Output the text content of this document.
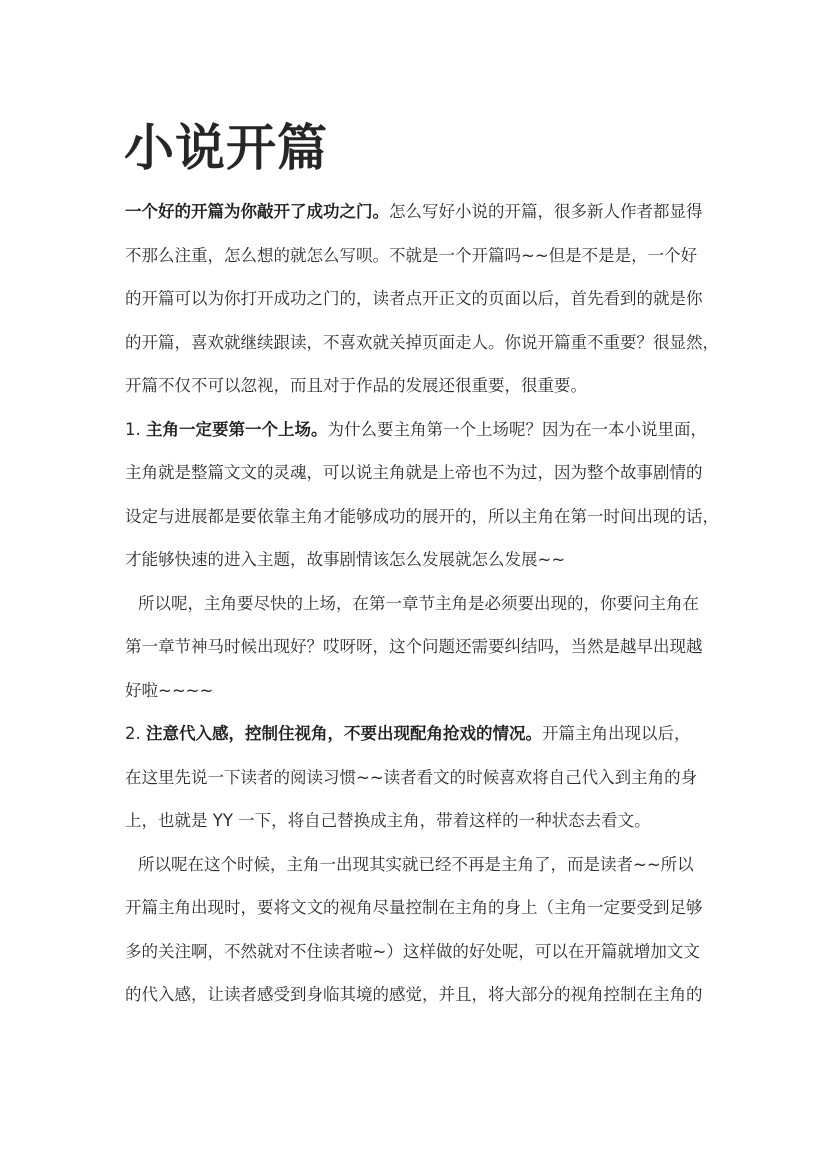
小说开篇
一个好的开篇为你敲开了成功之门。怎么写好小说的开篇，很多新人作者都显得
不那么注重，怎么想的就怎么写呗。不就是一个开篇吗~~但是不是是，一个好
的开篇可以为你打开成功之门的，读者点开正文的页面以后，首先看到的就是你
的开篇，喜欢就继续跟读，不喜欢就关掉页面走人。你说开篇重不重要？很显然，
开篇不仅不可以忽视，而且对于作品的发展还很重要，很重要。
1. 主角一定要第一个上场。为什么要主角第一个上场呢？因为在一本小说里面，
主角就是整篇文文的灵魂，可以说主角就是上帝也不为过，因为整个故事剧情的
设定与进展都是要依靠主角才能够成功的展开的，所以主角在第一时间出现的话，
才能够快速的进入主题，故事剧情该怎么发展就怎么发展~~
所以呢，主角要尽快的上场，在第一章节主角是必须要出现的，你要问主角在
第一章节神马时候出现好？哎呀呀，这个问题还需要纠结吗，当然是越早出现越
好啦~~~~
2. 注意代入感，控制住视角，不要出现配角抢戏的情况。开篇主角出现以后，
在这里先说一下读者的阅读习惯~~读者看文的时候喜欢将自己代入到主角的身
上，也就是 YY 一下，将自己替换成主角，带着这样的一种状态去看文。
所以呢在这个时候，主角一出现其实就已经不再是主角了，而是读者~~所以
开篇主角出现时，要将文文的视角尽量控制在主角的身上（主角一定要受到足够
多的关注啊，不然就对不住读者啦~）这样做的好处呢，可以在开篇就增加文文
的代入感，让读者感受到身临其境的感觉，并且，将大部分的视角控制在主角的
